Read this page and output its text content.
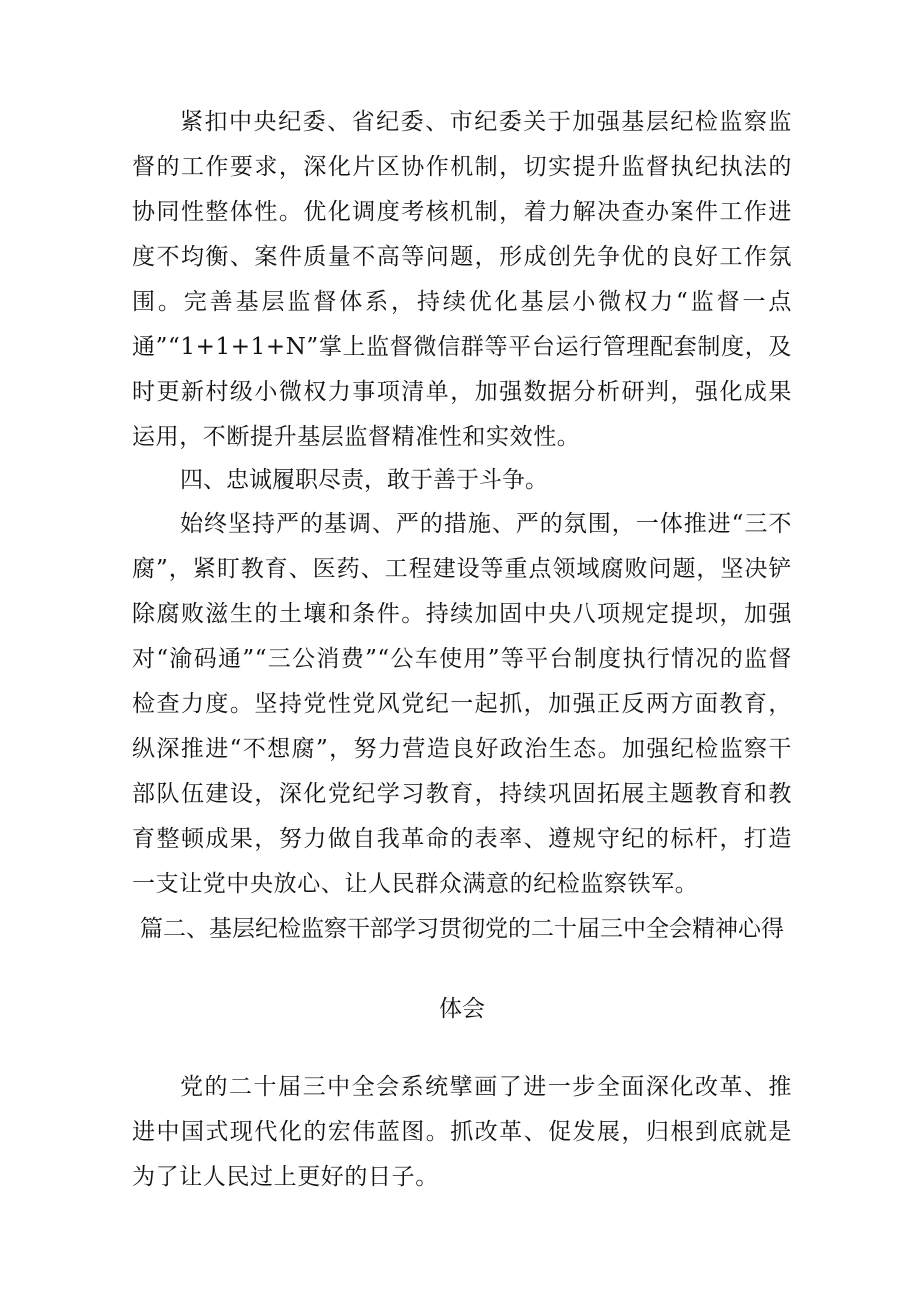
紧扣中央纪委、省纪委、市纪委关于加强基层纪检监察监督的工作要求，深化片区协作机制，切实提升监督执纪执法的协同性整体性。优化调度考核机制，着力解决查办案件工作进度不均衡、案件质量不高等问题，形成创先争优的良好工作氛围。完善基层监督体系，持续优化基层小微权力“监督一点通”“1+1+1+N”掌上监督微信群等平台运行管理配套制度，及时更新村级小微权力事项清单，加强数据分析研判，强化成果运用，不断提升基层监督精准性和实效性。

四、忠诚履职尽责，敢于善于斗争。

始终坚持严的基调、严的措施、严的氛围，一体推进“三不腐”，紧盯教育、医药、工程建设等重点领域腐败问题，坚决铲除腐败滋生的土壤和条件。持续加固中央八项规定提坝，加强对“渝码通”“三公消费”“公车使用”等平台制度执行情况的监督检查力度。坚持党性党风党纪一起抓，加强正反两方面教育，纵深推进“不想腐”，努力营造良好政治生态。加强纪检监察干部队伍建设，深化党纪学习教育，持续巩固拓展主题教育和教育整顿成果，努力做自我革命的表率、遵规守纪的标杆，打造一支让党中央放心、让人民群众满意的纪检监察铁军。

篇二、基层纪检监察干部学习贯彻党的二十届三中全会精神心得体会

党的二十届三中全会系统擘画了进一步全面深化改革、推进中国式现代化的宏伟蓝图。抓改革、促发展，归根到底就是为了让人民过上更好的日子。
